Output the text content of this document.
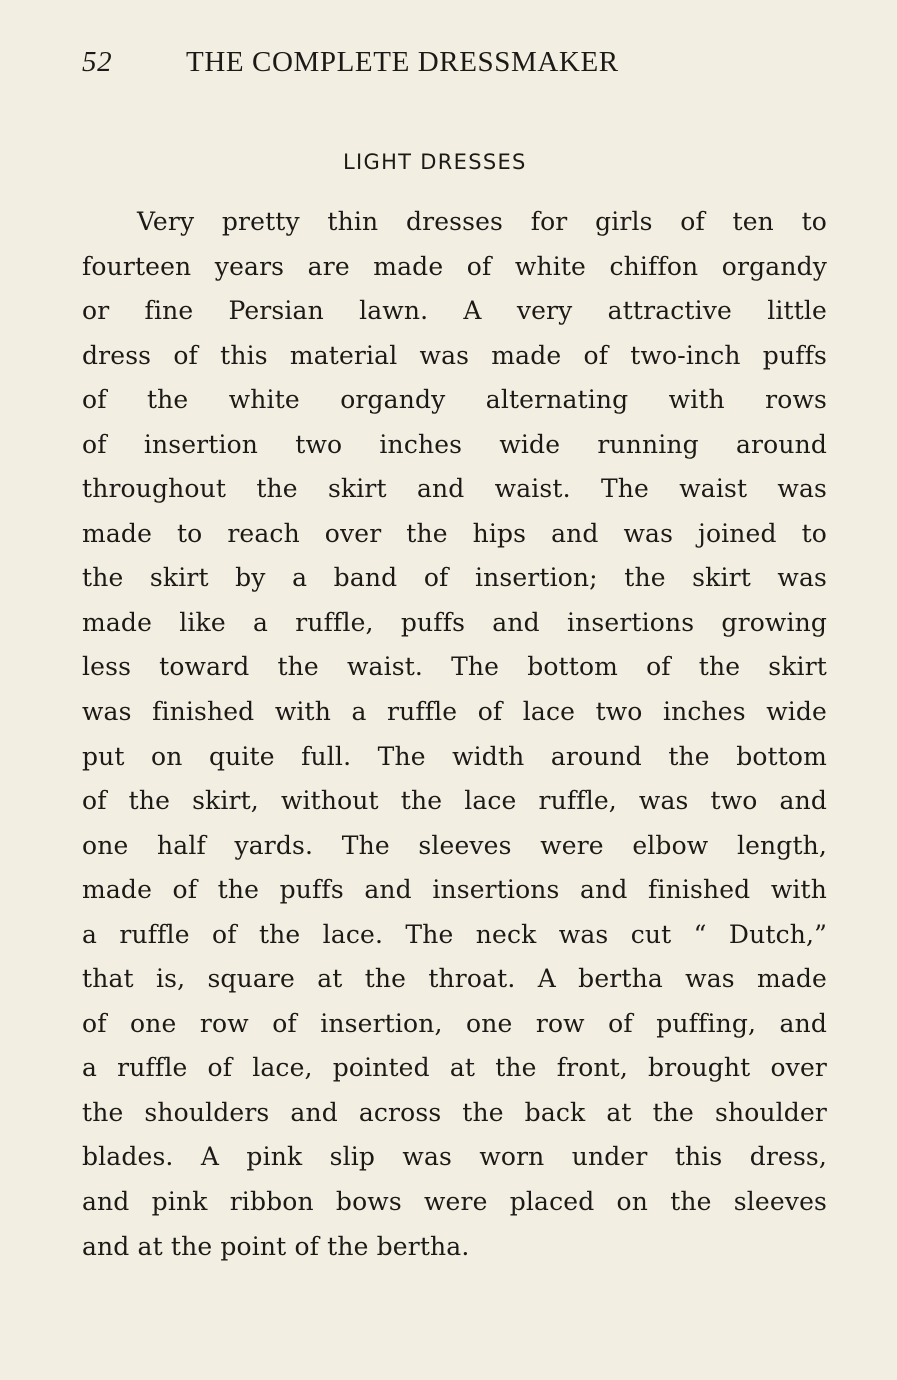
52	THE COMPLETE DRESSMAKER
LIGHT DRESSES
Very pretty thin dresses for girls of ten to
fourteen years are made of white chiffon organdy
or fine Persian lawn. A very attractive little
dress of this material was made of two-inch puffs
of the white organdy alternating with rows
of insertion two inches wide running around
throughout the skirt and waist. The waist was
made to reach over the hips and was joined to
the skirt by a band of insertion; the skirt was
made like a ruffle, puffs and insertions growing
less toward the waist. The bottom of the skirt
was finished with a ruffle of lace two inches wide
put on quite full. The width around the bottom
of the skirt, without the lace ruffle, was two and
one half yards. The sleeves were elbow length,
made of the puffs and insertions and finished with
a ruffle of the lace. The neck was cut “ Dutch,”
that is, square at the throat. A bertha was made
of one row of insertion, one row of puffing, and
a ruffle of lace, pointed at the front, brought over
the shoulders and across the back at the shoulder
blades. A pink slip was worn under this dress,
and pink ribbon bows were placed on the sleeves
and at the point of the bertha.
